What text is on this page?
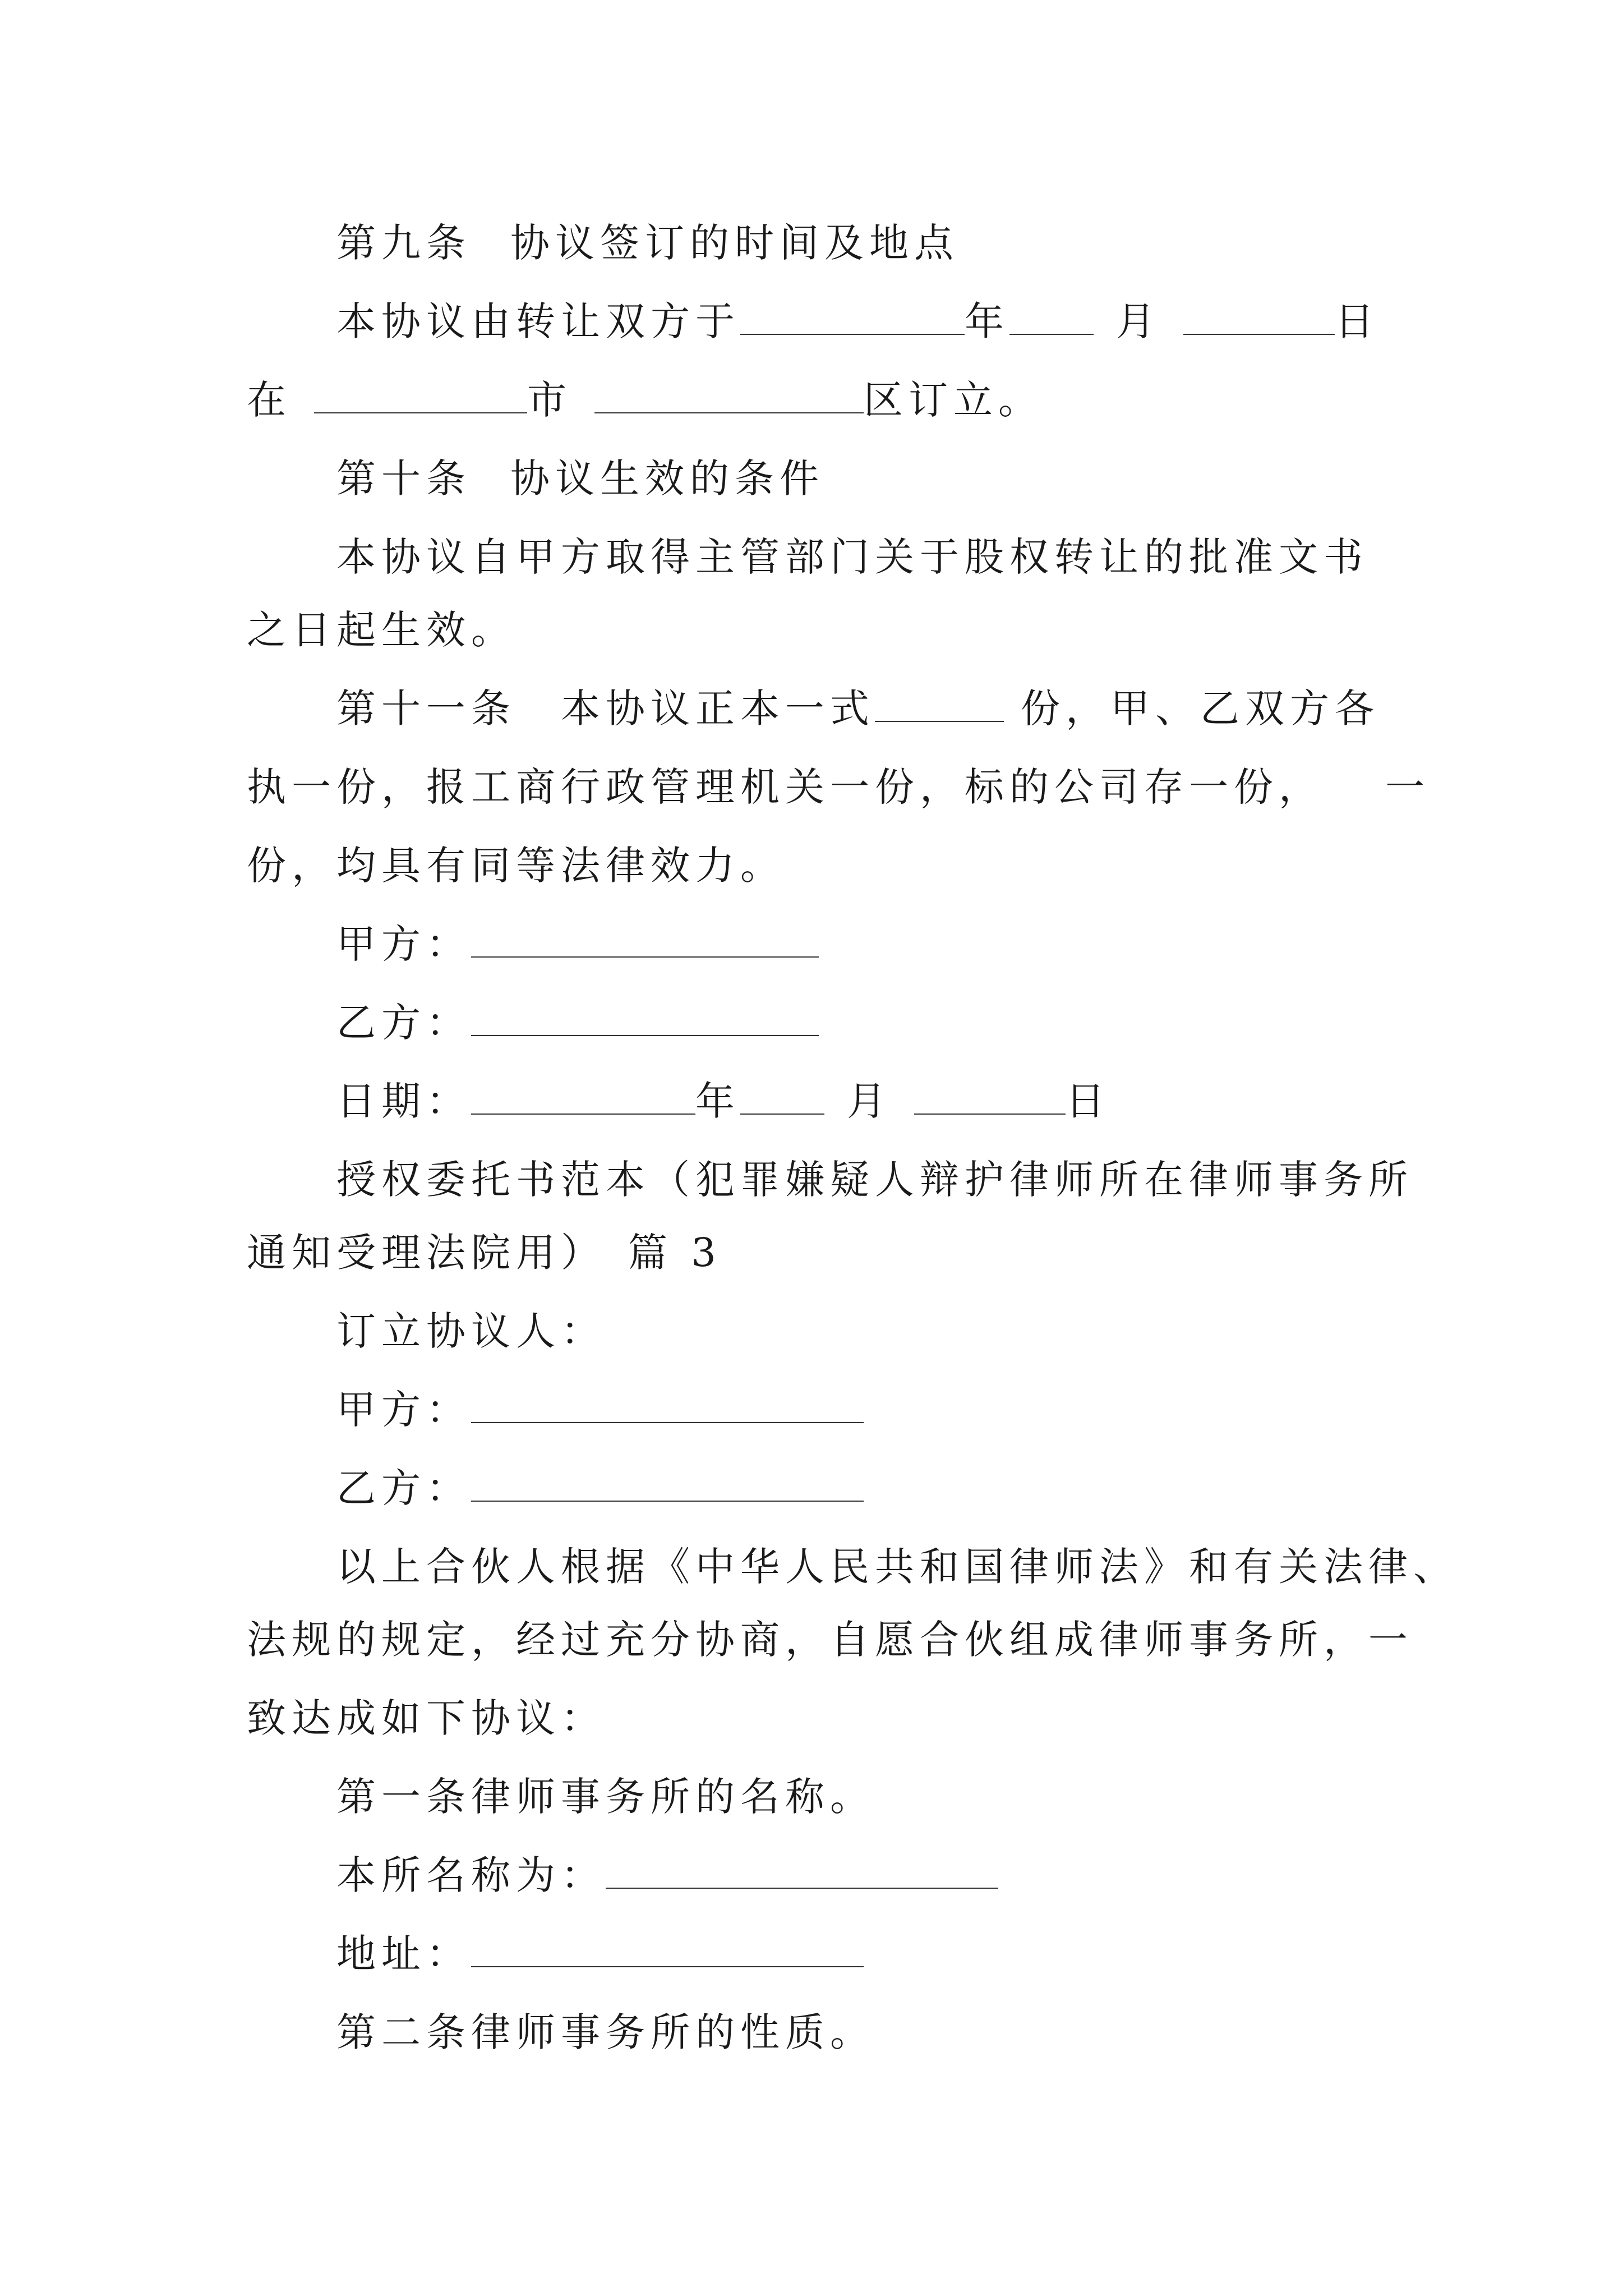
第九条 协议签订的时间及地点
本协议由转让双方于	年	月	日
在	市	区订立。
第十条 协议生效的条件
本协议自甲方取得主管部门关于股权转让的批准文书
之日起生效。
第十一条　本协议正本一式	份，甲、乙双方各
执一份，报工商行政管理机关一份，标的公司存一份， 一
份，均具有同等法律效力。
甲方：
乙方：
日期：	年	月	日
授权委托书范本（犯罪嫌疑人辩护律师所在律师事务所
通知受理法院用） 篇 3
订立协议人：
甲方：
乙方：
以上合伙人根据《中华人民共和国律师法》和有关法律、
法规的规定，经过充分协商，自愿合伙组成律师事务所，一
致达成如下协议：
第一条律师事务所的名称。
本所名称为：
地址：
第二条律师事务所的性质。
